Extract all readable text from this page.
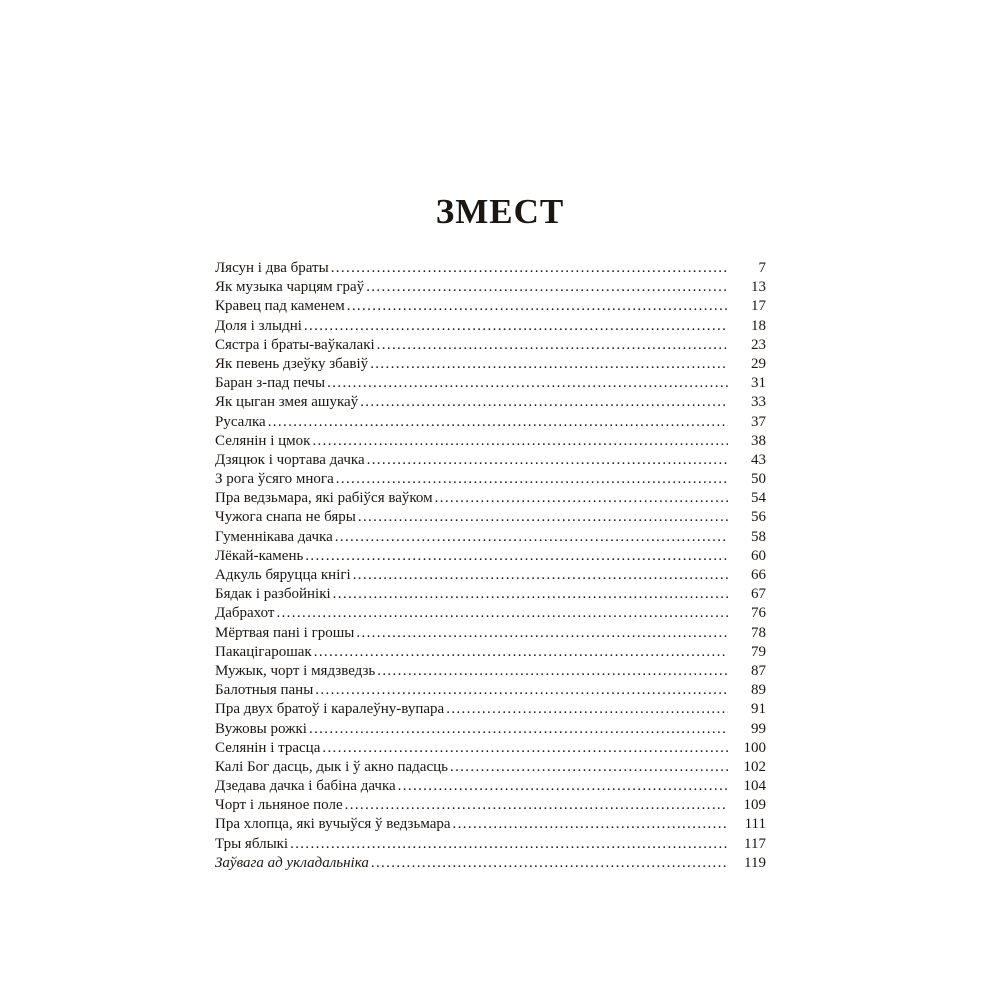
ЗМЕСТ
Лясун і два браты . . .	7
Як музыка чарцям граў . . .	13
Кравец пад каменем . . .	17
Доля і злыдні . . .	18
Сястра і браты-ваўкалакі . . .	23
Як певень дзеўку збавіў . . .	29
Баран з-пад печы . . .	31
Як цыган змея ашукаў . . .	33
Русалка . . .	37
Селянін і цмок . . .	38
Дзяцюк і чортава дачка . . .	43
З рога ўсяго многа . . .	50
Пра ведзьмара, які рабіўся ваўком . . .	54
Чужога снапа не бяры . . .	56
Гуменнікава дачка . . .	58
Лёкай-камень . . .	60
Адкуль бяруцца кнігі . . .	66
Бядак і разбойнікі . . .	67
Дабрахот . . .	76
Мёртвая пані і грошы . . .	78
Пакацігарошак . . .	79
Мужык, чорт і мядзведзь . . .	87
Балотныя паны . . .	89
Пра двух братоў і каралеўну-вупара . . .	91
Вужовы рожкі . . .	99
Селянін і трасца . . .	100
Калі Бог дасць, дык і ў акно падасць . . .	102
Дзедава дачка і бабіна дачка . . .	104
Чорт і льняное поле . . .	109
Пра хлопца, які вучыўся ў ведзьмара . . .	111
Тры яблыкі . . .	117
Заўвага ад укладальніка . . .	119
